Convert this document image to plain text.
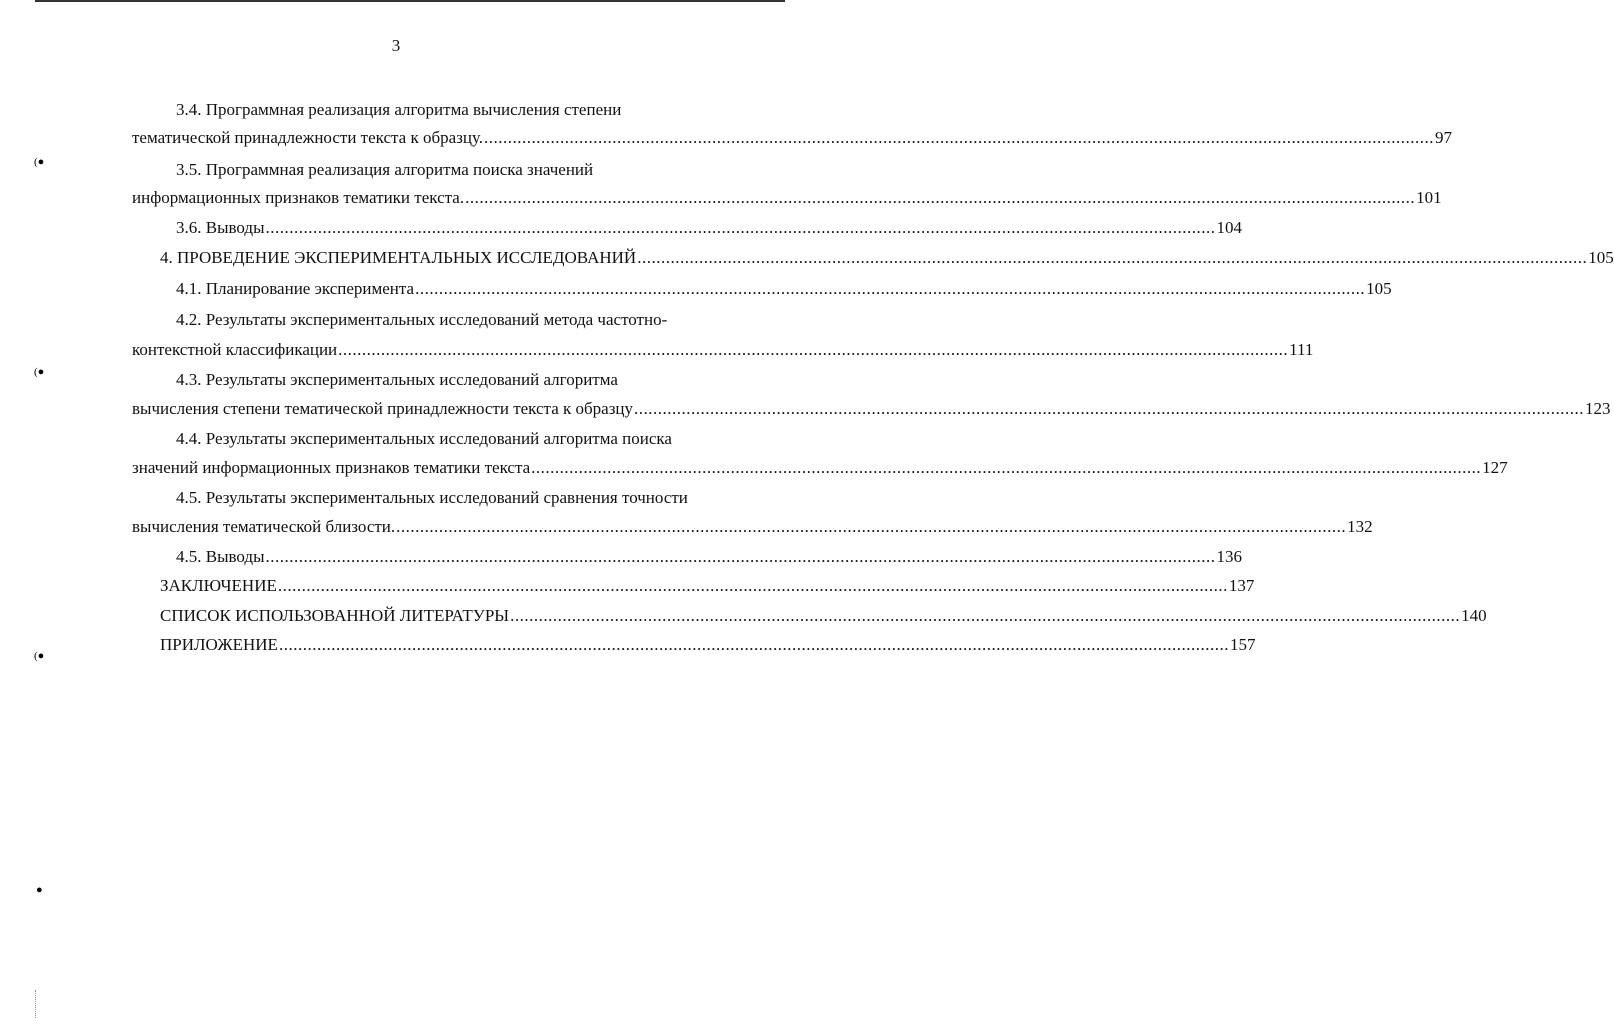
3
3.4. Программная реализация алгоритма вычисления степени
тематической принадлежности текста к образцу. ........................................................................................................................................................................................................ 97
3.5. Программная реализация алгоритма поиска значений
информационных признаков тематики текста. ........................................................................................................................................................................................................ 101
3.6. Выводы ........................................................................................................................................................................................................ 104
4. ПРОВЕДЕНИЕ ЭКСПЕРИМЕНТАЛЬНЫХ ИССЛЕДОВАНИЙ ........................................................................................................................................................................................................ 105
4.1. Планирование эксперимента ........................................................................................................................................................................................................ 105
4.2. Результаты экспериментальных исследований метода частотно-
контекстной классификации ........................................................................................................................................................................................................ 111
4.3. Результаты экспериментальных исследований алгоритма
вычисления степени тематической принадлежности текста к образцу ........................................................................................................................................................................................................ 123
4.4. Результаты экспериментальных исследований алгоритма поиска
значений информационных признаков тематики текста ........................................................................................................................................................................................................ 127
4.5. Результаты экспериментальных исследований сравнения точности
вычисления тематической близости. ........................................................................................................................................................................................................ 132
4.5. Выводы ........................................................................................................................................................................................................ 136
ЗАКЛЮЧЕНИЕ ........................................................................................................................................................................................................ 137
СПИСОК ИСПОЛЬЗОВАННОЙ ЛИТЕРАТУРЫ ........................................................................................................................................................................................................ 140
ПРИЛОЖЕНИЕ ........................................................................................................................................................................................................ 157
(●
(●
(●
●
